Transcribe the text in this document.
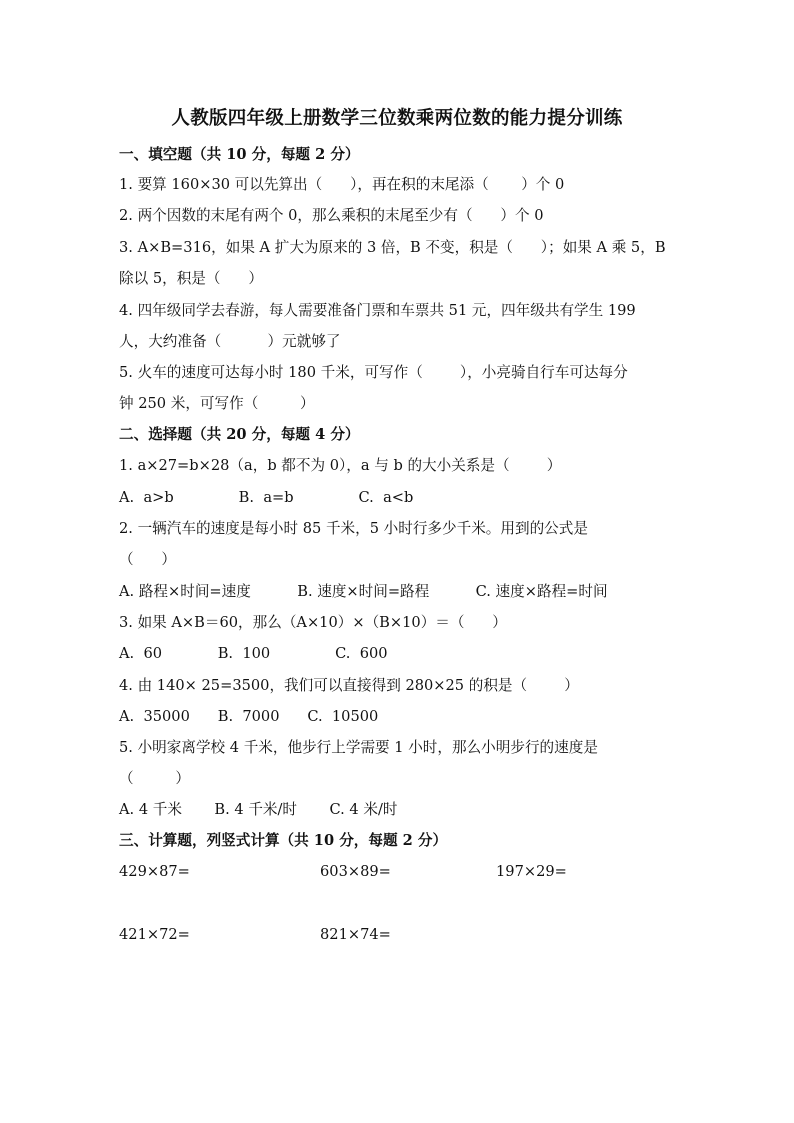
人教版四年级上册数学三位数乘两位数的能力提分训练
一、填空题（共 10 分，每题 2 分）
1. 要算 160×30 可以先算出（      ），再在积的末尾添（       ）个 0
2. 两个因数的末尾有两个 0，那么乘积的末尾至少有（      ）个 0
3. A×B=316，如果 A 扩大为原来的 3 倍，B 不变，积是（      ）；如果 A 乘 5，B
除以 5，积是（      ）
4. 四年级同学去春游，每人需要准备门票和车票共 51 元，四年级共有学生 199
人，大约准备（          ）元就够了
5. 火车的速度可达每小时 180 千米，可写作（        ），小亮骑自行车可达每分
钟 250 米，可写作（         ）
二、选择题（共 20 分，每题 4 分）
1. a×27=b×28（a，b 都不为 0），a 与 b 的大小关系是（        ）
A.  a>b              B.  a=b              C.  a<b
2. 一辆汽车的速度是每小时 85 千米，5 小时行多少千米。用到的公式是
（      ）
A. 路程×时间=速度          B. 速度×时间=路程          C. 速度×路程=时间
3. 如果 A×B＝60，那么（A×10）×（B×10）＝（      ）
A.  60            B.  100              C.  600
4. 由 140× 25=3500，我们可以直接得到 280×25 的积是（        ）
A.  35000      B.  7000      C.  10500
5. 小明家离学校 4 千米，他步行上学需要 1 小时，那么小明步行的速度是
（         ）
A. 4 千米       B. 4 千米/时       C. 4 米/时
三、计算题，列竖式计算（共 10 分，每题 2 分）
429×87=	603×89=	197×29=
421×72=	821×74=
